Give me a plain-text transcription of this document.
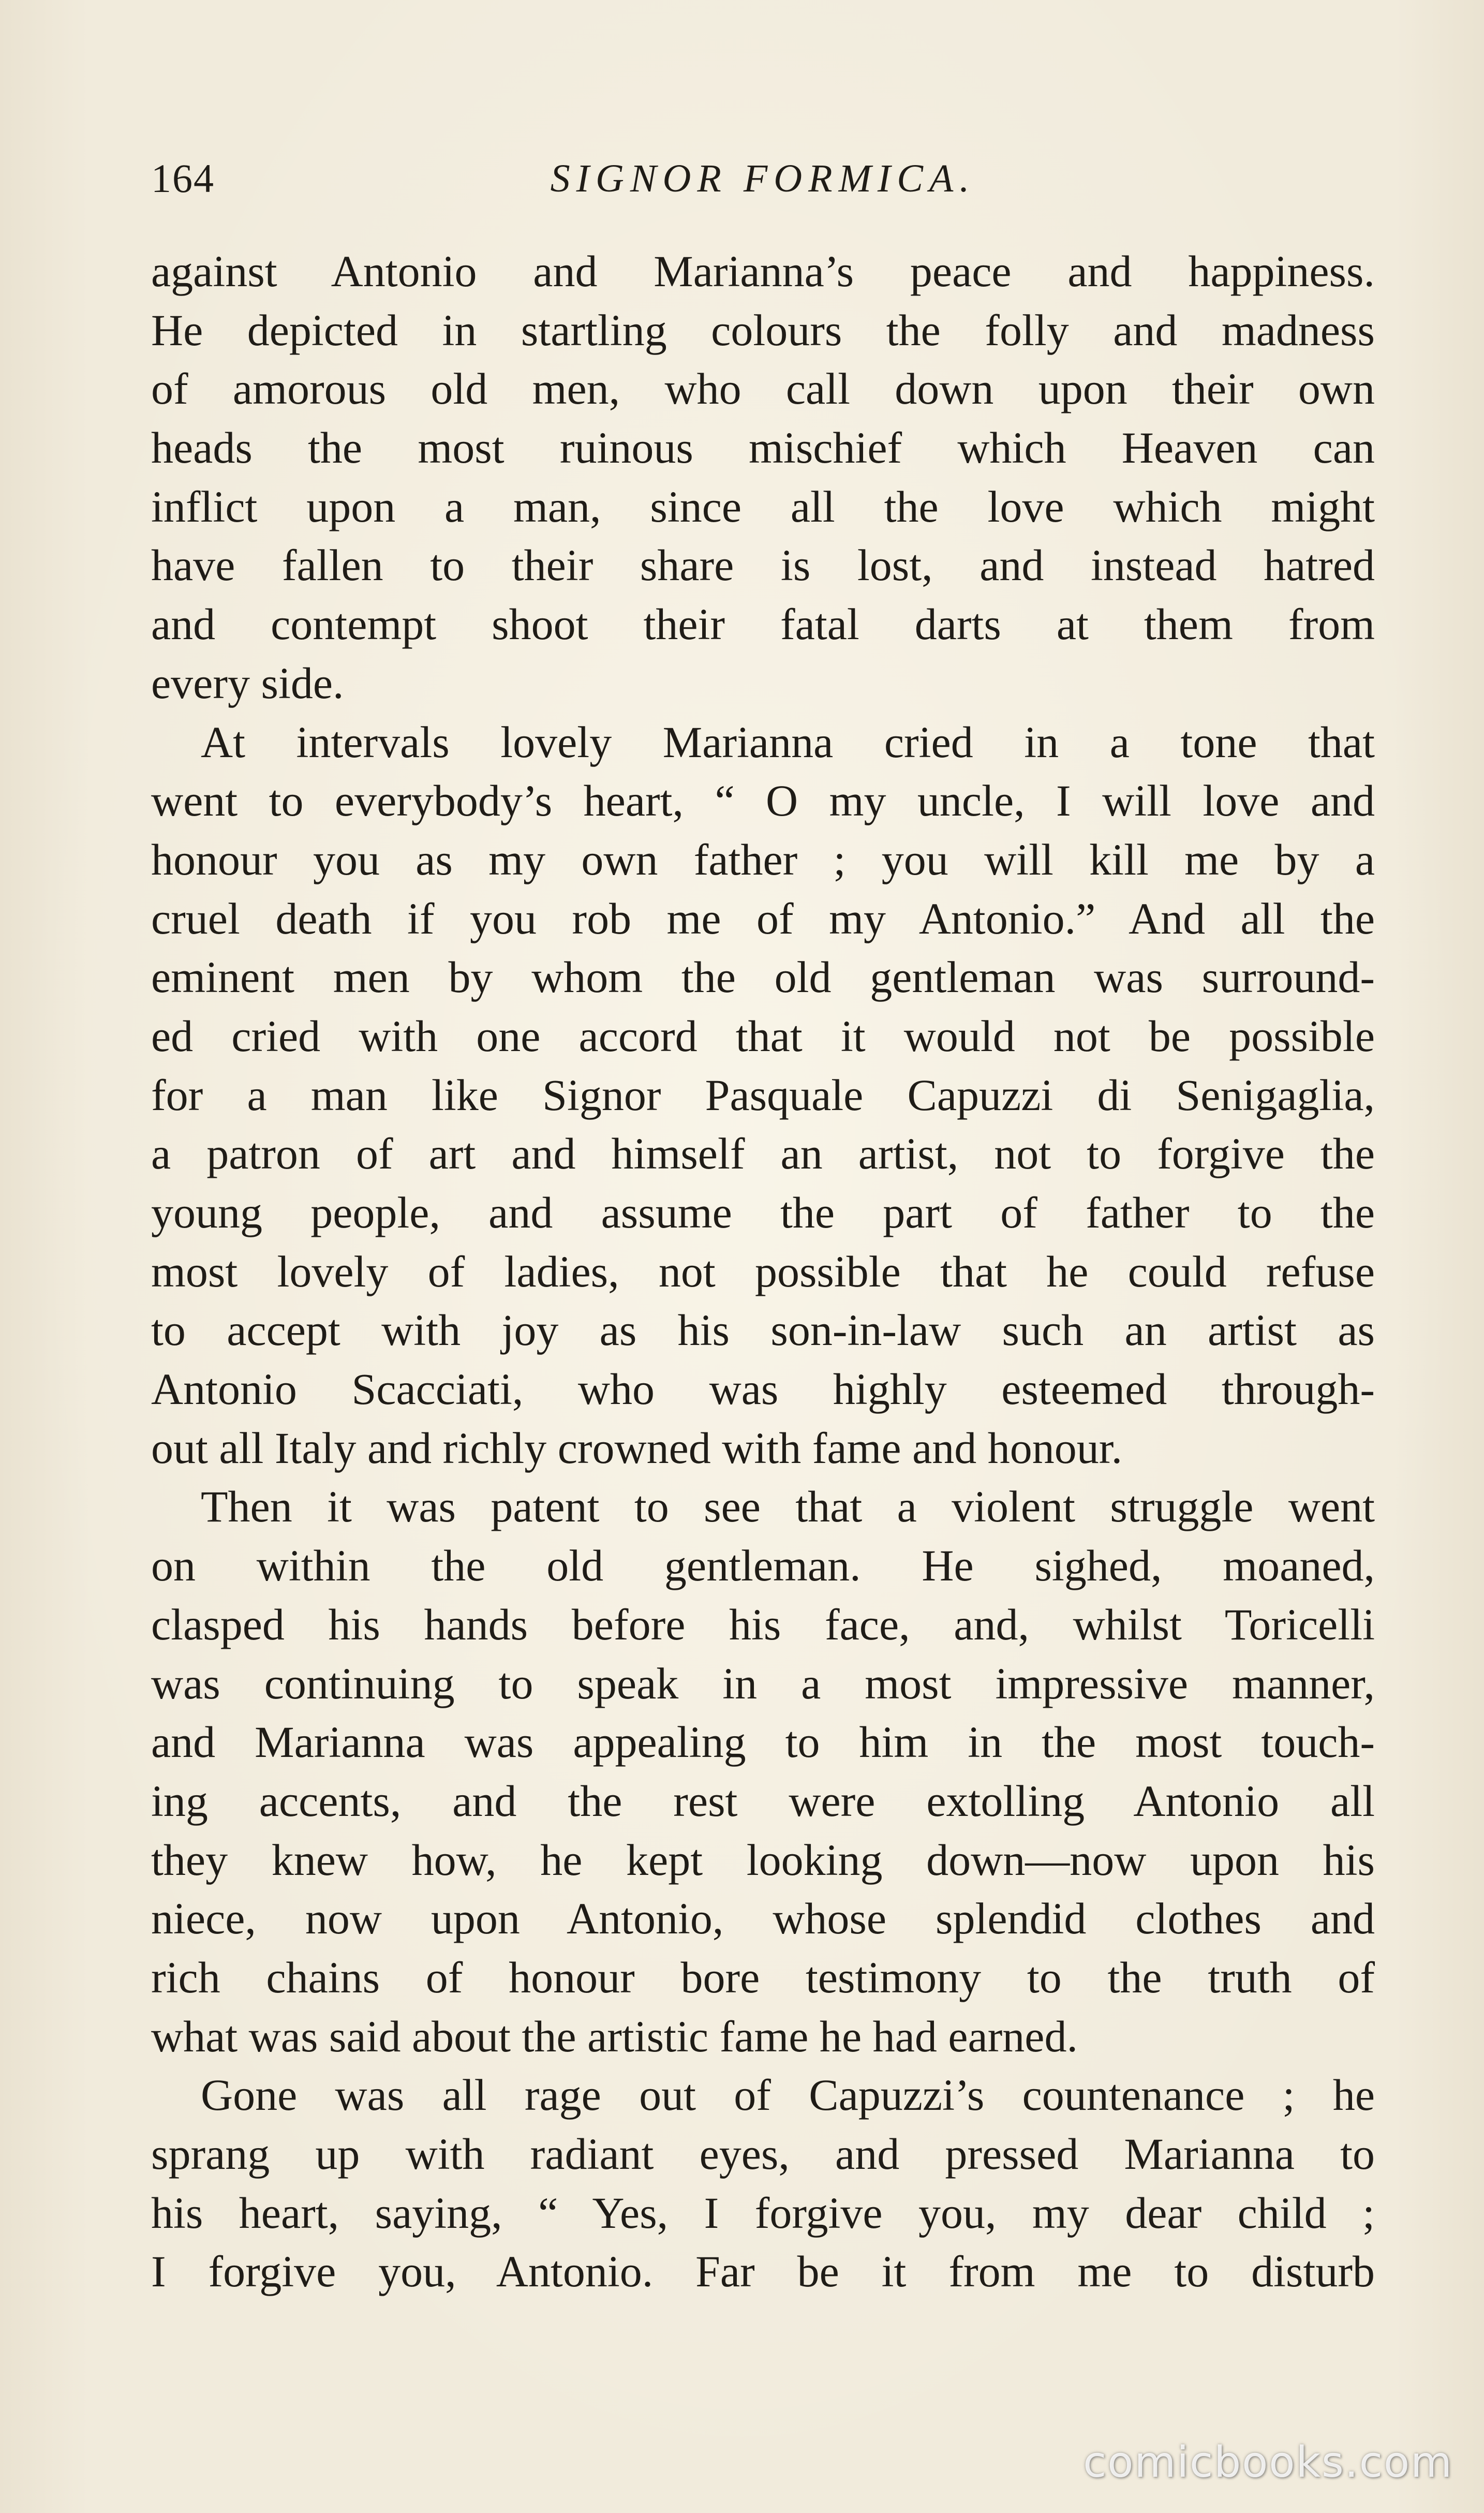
164	SIGNOR FORMICA.
against Antonio and Marianna’s peace and happiness.
He depicted in startling colours the folly and madness
of amorous old men, who call down upon their own
heads the most ruinous mischief which Heaven can
inflict upon a man, since all the love which might
have fallen to their share is lost, and instead hatred
and contempt shoot their fatal darts at them from
every side.
At intervals lovely Marianna cried in a tone that
went to everybody’s heart, “ O my uncle, I will love and
honour you as my own father ; you will kill me by a
cruel death if you rob me of my Antonio.” And all the
eminent men by whom the old gentleman was surround-
ed cried with one accord that it would not be possible
for a man like Signor Pasquale Capuzzi di Senigaglia,
a patron of art and himself an artist, not to forgive the
young people, and assume the part of father to the
most lovely of ladies, not possible that he could refuse
to accept with joy as his son-in-law such an artist as
Antonio Scacciati, who was highly esteemed through-
out all Italy and richly crowned with fame and honour.
Then it was patent to see that a violent struggle went
on within the old gentleman. He sighed, moaned,
clasped his hands before his face, and, whilst Toricelli
was continuing to speak in a most impressive manner,
and Marianna was appealing to him in the most touch-
ing accents, and the rest were extolling Antonio all
they knew how, he kept looking down—now upon his
niece, now upon Antonio, whose splendid clothes and
rich chains of honour bore testimony to the truth of
what was said about the artistic fame he had earned.
Gone was all rage out of Capuzzi’s countenance ; he
sprang up with radiant eyes, and pressed Marianna to
his heart, saying, “ Yes, I forgive you, my dear child ;
I forgive you, Antonio. Far be it from me to disturb
comicbooks.com
